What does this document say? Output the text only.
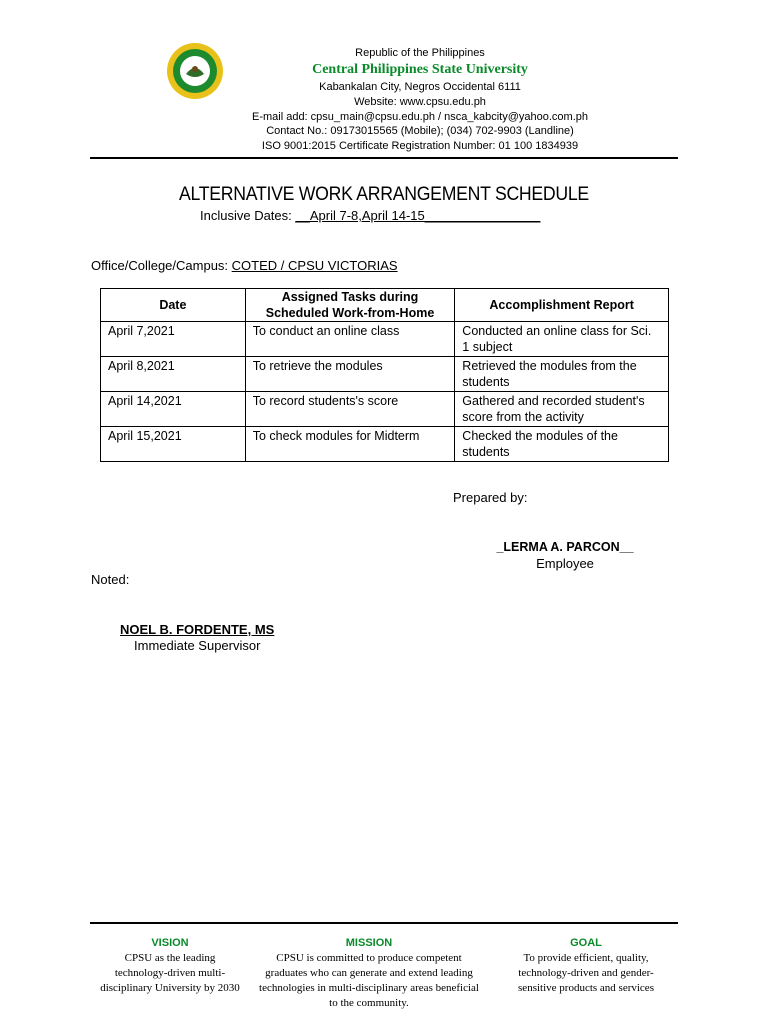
Republic of the Philippines
Central Philippines State University
Kabankalan City, Negros Occidental 6111
Website: www.cpsu.edu.ph
E-mail add: cpsu_main@cpsu.edu.ph / nsca_kabcity@yahoo.com.ph
Contact No.: 09173015565 (Mobile); (034) 702-9903 (Landline)
ISO 9001:2015 Certificate Registration Number: 01 100 1834939
ALTERNATIVE WORK ARRANGEMENT SCHEDULE
Inclusive Dates: __April 7-8,April 14-15________________
Office/College/Campus: COTED / CPSU VICTORIAS
Date	Assigned Tasks during Scheduled Work-from-Home	Accomplishment Report
April 7,2021	To conduct an online class	Conducted an online class for Sci. 1 subject
April 8,2021	To retrieve the modules	Retrieved the modules from the students
April 14,2021	To record students's score	Gathered and recorded student's score from the activity
April 15,2021	To check modules for Midterm	Checked the modules of the students
Prepared by:
_LERMA A. PARCON__
Employee
Noted:
NOEL B. FORDENTE, MS
Immediate Supervisor
VISION
CPSU as the leading technology-driven multi-disciplinary University by 2030
MISSION
CPSU is committed to produce competent graduates who can generate and extend leading technologies in multi-disciplinary areas beneficial to the community.
GOAL
To provide efficient, quality, technology-driven and gender-sensitive products and services
